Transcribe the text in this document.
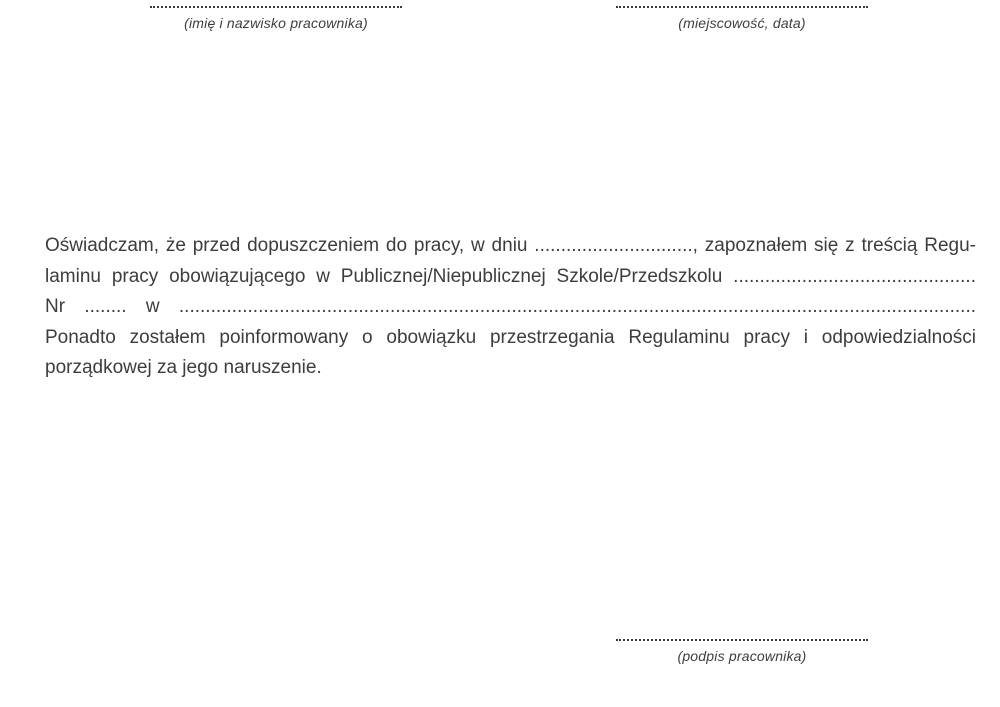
(imię i nazwisko pracownika)	(miejscowość, data)
Oświadczam, że przed dopuszczeniem do pracy, w dniu .............................., zapoznałem się z treścią Regu-
laminu pracy obowiązującego w Publicznej/Niepublicznej Szkole/Przedszkolu ..............................................
Nr ........ w .......................................................................................................................................................
Ponadto zostałem poinformowany o obowiązku przestrzegania Regulaminu pracy i odpowiedzialności
porządkowej za jego naruszenie.
(podpis pracownika)
